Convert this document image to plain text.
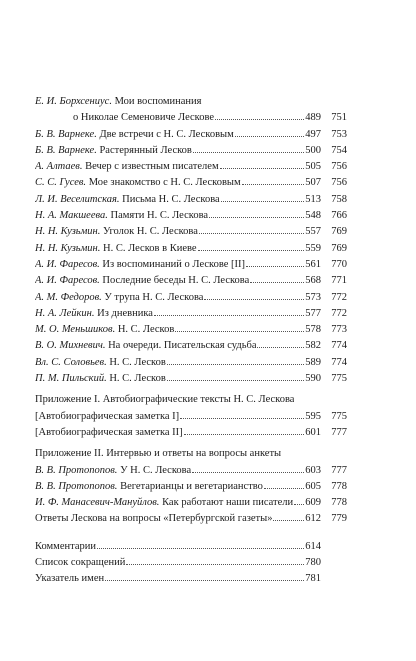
Е. И. Борхсениус. Мои воспоминания
о Николае Семеновиче Лескове	489 751
Б. В. Варнеке. Две встречи с Н. С. Лесковым	497 753
Б. В. Варнеке. Растерянный Лесков	500 754
А. Алтаев. Вечер с известным писателем	505 756
С. С. Гусев. Мое знакомство с Н. С. Лесковым	507 756
Л. И. Веселитская. Письма Н. С. Лескова	513 758
Н. А. Макшеева. Памяти Н. С. Лескова	548 766
Н. Н. Кузьмин. Уголок Н. С. Лескова	557 769
Н. Н. Кузьмин. Н. С. Лесков в Киеве	559 769
А. И. Фаресов. Из воспоминаний о Лескове [II]	561 770
А. И. Фаресов. Последние беседы Н. С. Лескова	568 771
А. М. Федоров. У трупа Н. С. Лескова	573 772
Н. А. Лейкин. Из дневника	577 772
М. О. Меньшиков. Н. С. Лесков	578 773
В. О. Михневич. На очереди. Писательская судьба	582 774
Вл. С. Соловьев. Н. С. Лесков	589 774
П. М. Пильский. Н. С. Лесков	590 775
Приложение I. Автобиографические тексты Н. С. Лескова
[Автобиографическая заметка I]	595 775
[Автобиографическая заметка II]	601 777
Приложение II. Интервью и ответы на вопросы анкеты
В. В. Протопопов. У Н. С. Лескова	603 777
В. В. Протопопов. Вегетарианцы и вегетарианство	605 778
И. Ф. Манасевич-Мануйлов. Как работают наши писатели 609 778
Ответы Лескова на вопросы «Петербургской газеты»	612 779
Комментарии	614
Список сокращений	780
Указатель имен	781
